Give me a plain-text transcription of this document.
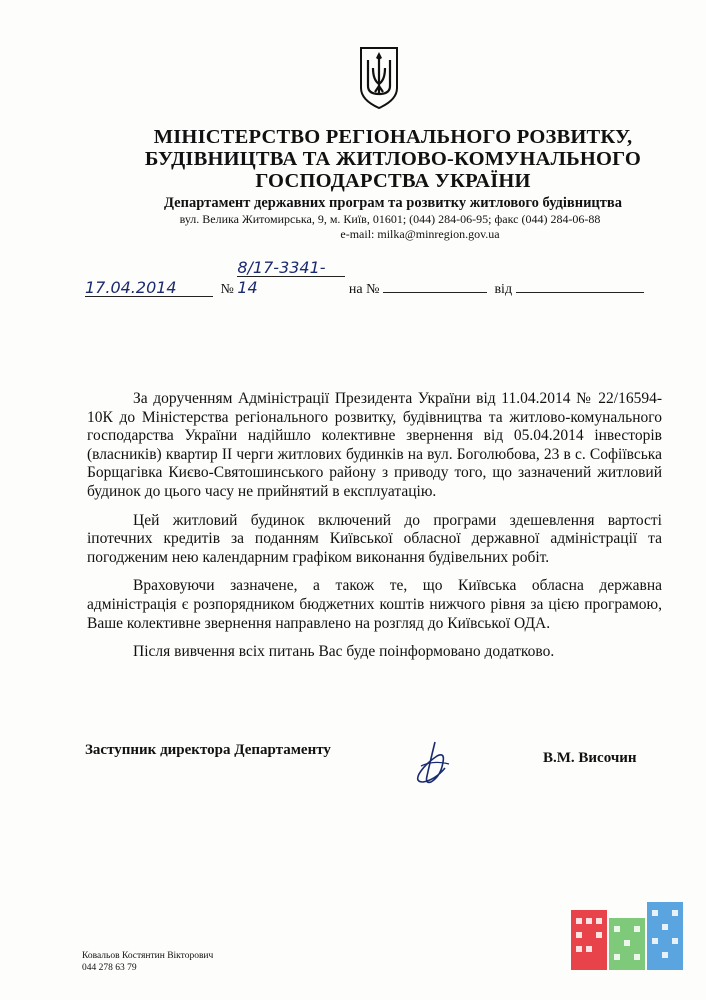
МІНІСТЕРСТВО РЕГІОНАЛЬНОГО РОЗВИТКУ,
БУДІВНИЦТВА ТА ЖИТЛОВО-КОМУНАЛЬНОГО
ГОСПОДАРСТВА УКРАЇНИ
Департамент державних програм та розвитку житлового будівництва
вул. Велика Житомирська, 9, м. Київ, 01601; (044) 284-06-95; факс (044) 284-06-88
e-mail: milka@minregion.gov.ua
17.04.2014	№ 8/17-3341-14	на №	від

За дорученням Адміністрації Президента України від 11.04.2014 № 22/16594-10К до Міністерства регіонального розвитку, будівництва та житлово-комунального господарства України надійшло колективне звернення від 05.04.2014 інвесторів (власників) квартир ІІ черги житлових будинків на вул. Боголюбова, 23 в с. Софіївська Борщагівка Києво-Святошинського району з приводу того, що зазначений житловий будинок до цього часу не прийнятий в експлуатацію.

Цей житловий будинок включений до програми здешевлення вартості іпотечних кредитів за поданням Київської обласної державної адміністрації та погодженим нею календарним графіком виконання будівельних робіт.

Враховуючи зазначене, а також те, що Київська обласна державна адміністрація є розпорядником бюджетних коштів нижчого рівня за цією програмою, Ваше колективне звернення направлено на розгляд до Київської ОДА.

Після вивчення всіх питань Вас буде поінформовано додатково.

Заступник директора Департаменту	В.М. Височин
Ковальов Костянтин Вікторович
044 278 63 79
